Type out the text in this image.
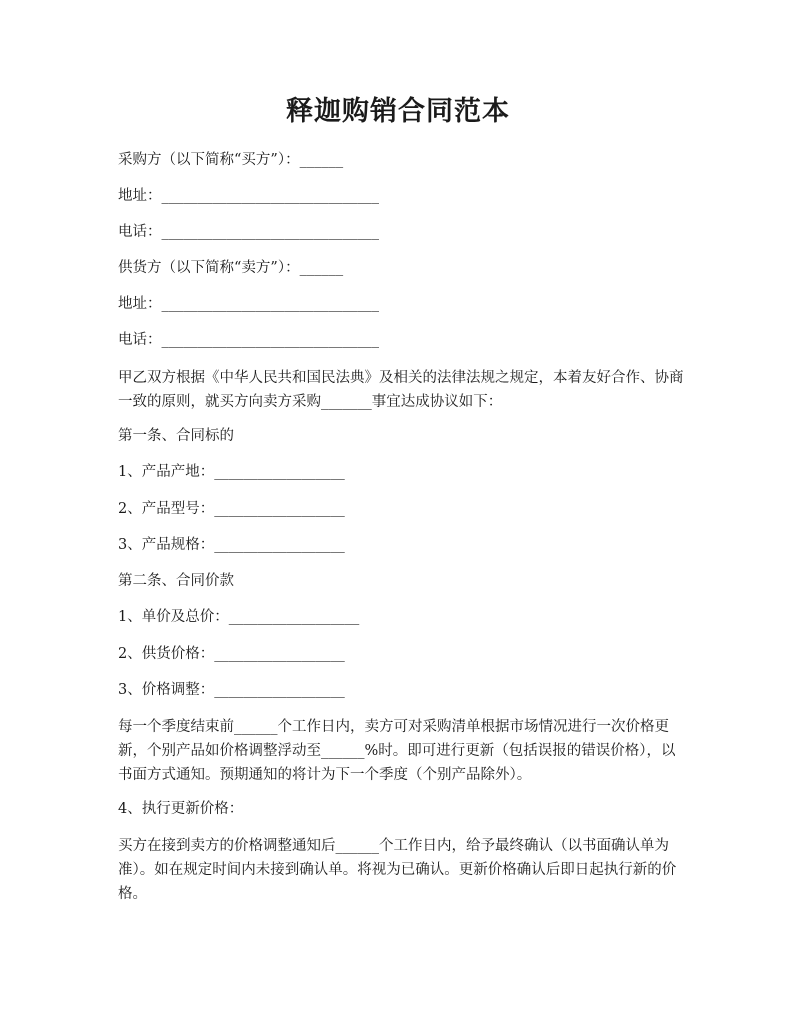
释迦购销合同范本

采购方（以下简称“买方”）：______

地址：______________________________

电话：______________________________

供货方（以下简称“卖方”）：______

地址：______________________________

电话：______________________________

甲乙双方根据《中华人民共和国民法典》及相关的法律法规之规定，本着友好合作、协商一致的原则，就买方向卖方采购_______事宜达成协议如下：

第一条、合同标的

1、产品产地：__________________

2、产品型号：__________________

3、产品规格：__________________

第二条、合同价款

1、单价及总价：__________________

2、供货价格：__________________

3、价格调整：__________________

每一个季度结束前______个工作日内，卖方可对采购清单根据市场情况进行一次价格更新，个别产品如价格调整浮动至______%时。即可进行更新（包括误报的错误价格），以书面方式通知。预期通知的将计为下一个季度（个别产品除外）。

4、执行更新价格：

买方在接到卖方的价格调整通知后______个工作日内，给予最终确认（以书面确认单为准）。如在规定时间内未接到确认单。将视为已确认。更新价格确认后即日起执行新的价格。
